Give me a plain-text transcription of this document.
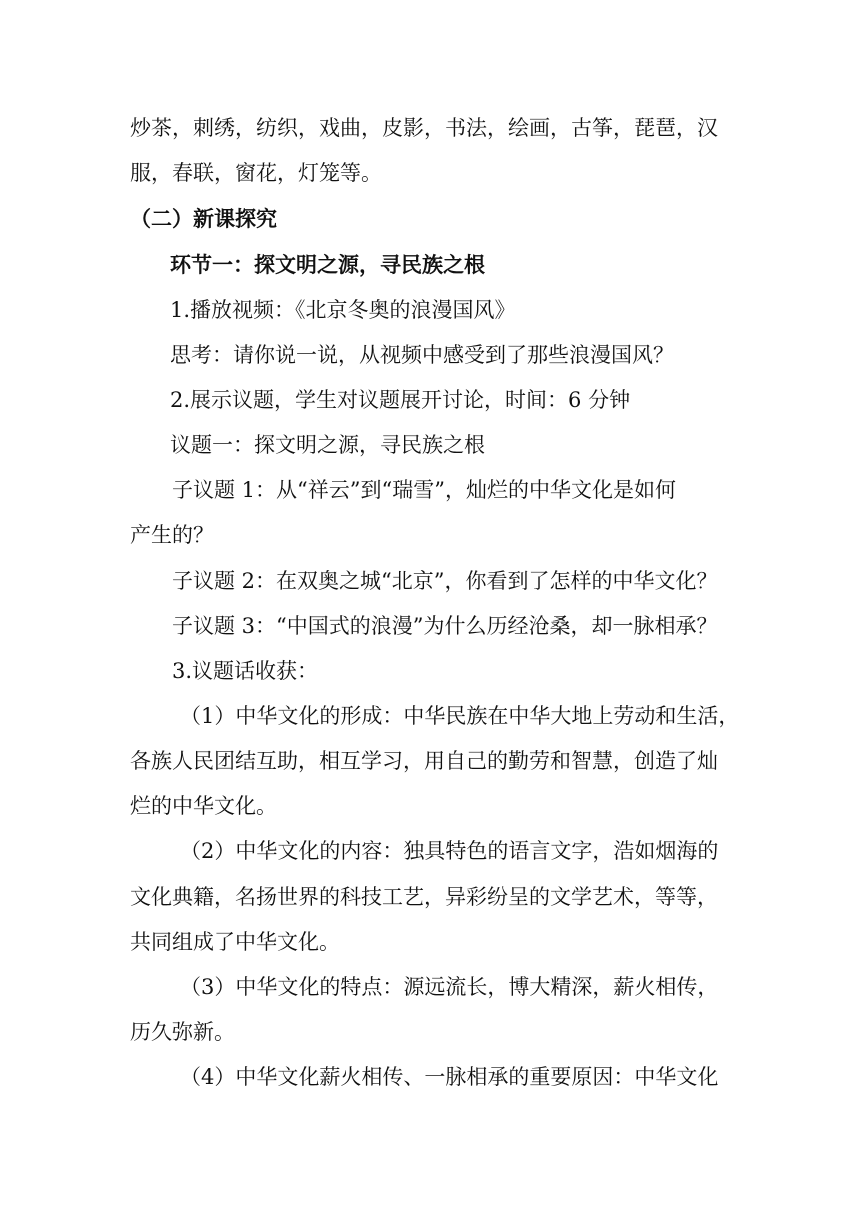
炒茶，刺绣，纺织，戏曲，皮影，书法，绘画，古筝，琵琶，汉

服，春联，窗花，灯笼等。

（二）新课探究

环节一：探文明之源，寻民族之根

1.播放视频：《北京冬奥的浪漫国风》

思考：请你说一说，从视频中感受到了那些浪漫国风？

2.展示议题，学生对议题展开讨论，时间：6 分钟

议题一：探文明之源，寻民族之根

子议题 1：从“祥云”到“瑞雪”，灿烂的中华文化是如何

产生的？

子议题 2：在双奥之城“北京”，你看到了怎样的中华文化？

子议题 3：“中国式的浪漫”为什么历经沧桑，却一脉相承？

3.议题话收获：

（1）中华文化的形成：中华民族在中华大地上劳动和生活，

各族人民团结互助，相互学习，用自己的勤劳和智慧，创造了灿

烂的中华文化。

（2）中华文化的内容：独具特色的语言文字，浩如烟海的

文化典籍，名扬世界的科技工艺，异彩纷呈的文学艺术，等等，

共同组成了中华文化。

（3）中华文化的特点：源远流长，博大精深，薪火相传，

历久弥新。

（4）中华文化薪火相传、一脉相承的重要原因：中华文化
